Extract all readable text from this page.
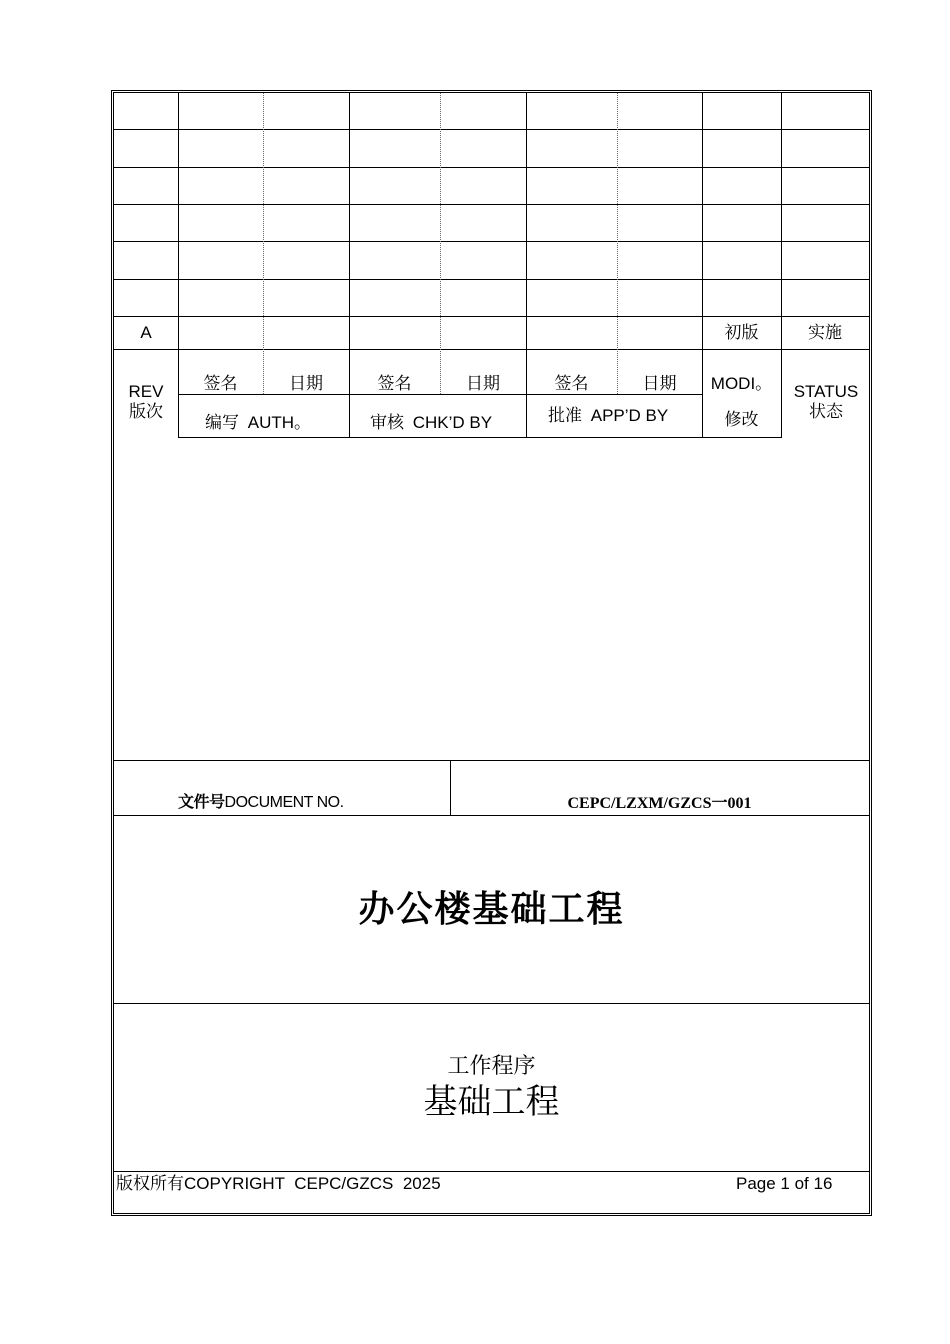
A	初版	实施
REV
版次
签名	日期	签名	日期	签名	日期
编写 AUTH。	审核 CHK’D BY	批准 APP’D BY
MODI。
修改
STATUS
状态
文件号DOCUMENT NO.	CEPC/LZXM/GZCS一001
办公楼基础工程
工作程序
基础工程
版权所有COPYRIGHT  CEPC/GZCS  2025	Page 1 of 16
